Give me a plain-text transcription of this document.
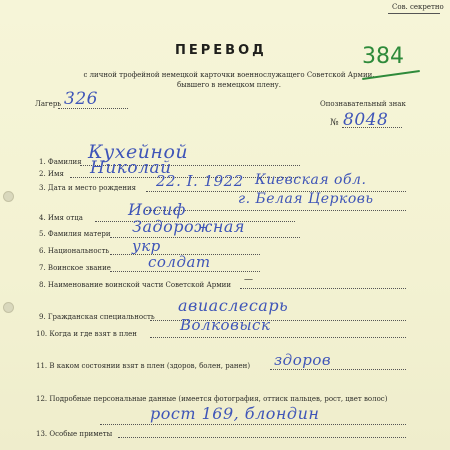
Сов. секретно
ПЕРЕВОД
с личной трофейной немецкой карточки военнослужащего Советской Армии, бывшего в немецком плену.
384
Лагерь 326	Опознавательный знак
№ 8048
1. Фамилия Кухейной
2. Имя Николай
3. Дата и место рождения 22. I. 1922 Киевская обл.
г. Белая Церковь
4. Имя отца	Иосиф
5. Фамилия матери Задорожная
6. Национальность укр
7. Воинское звание солдат
8. Наименование воинской части Советской Армии —
9. Гражданская специальность
авиаслесарь
10. Когда и где взят в плен	Волковыск
11. В каком состоянии взят в плен (здоров, болен, ранен) здоров
12. Подробные персональные данные (имеется фотография, оттиск пальцев, рост, цвет волос)
рост 169, блондин
13. Особые приметы
